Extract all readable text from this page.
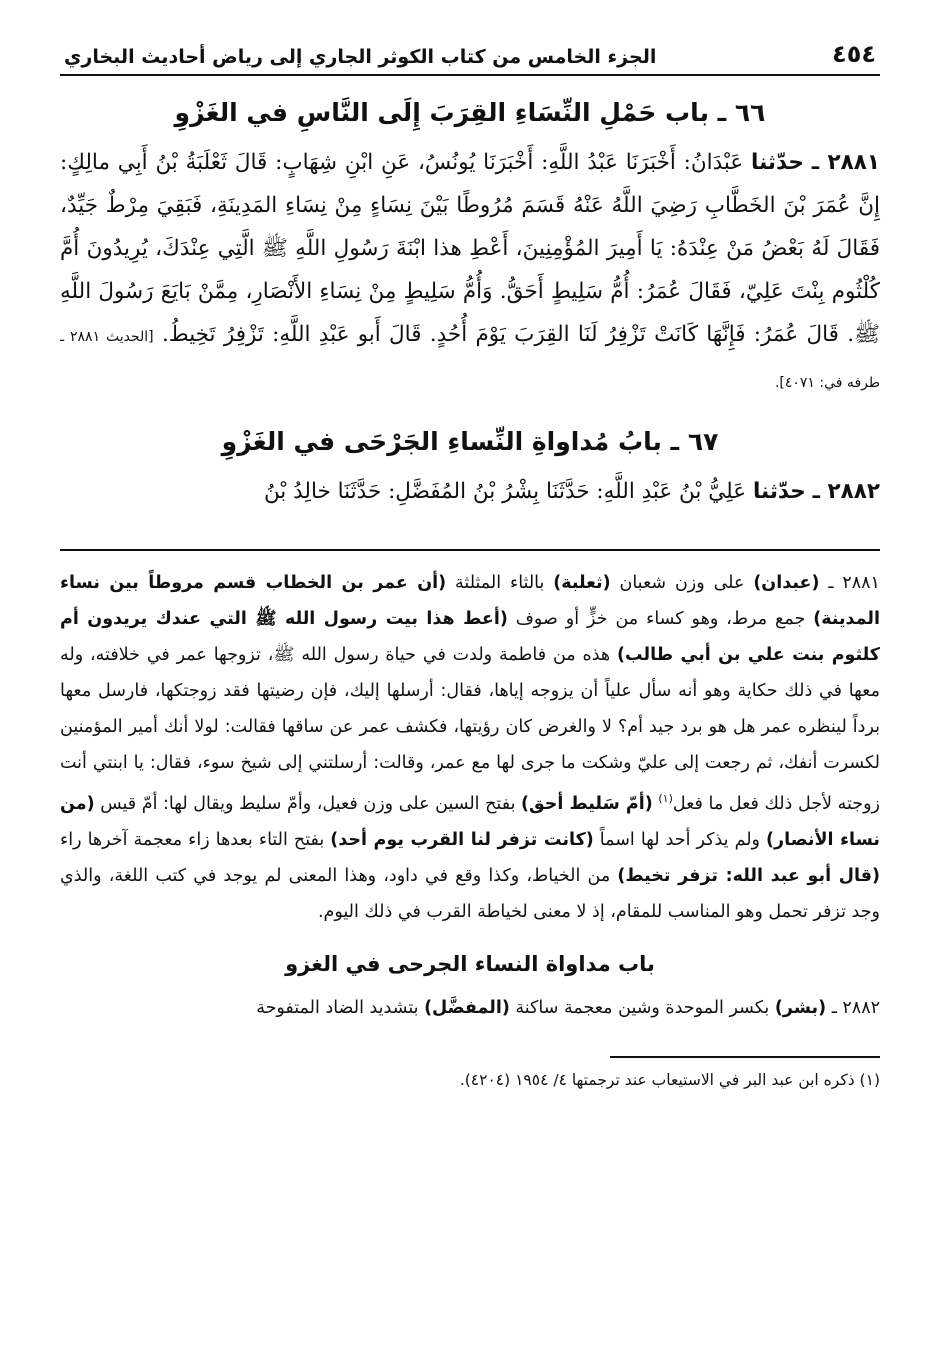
٤٥٤
الجزء الخامس من كتاب الكوثر الجاري إلى رياض أحاديث البخاري
٦٦ ـ باب حَمْلِ النِّسَاءِ القِرَبَ إِلَى النَّاسِ في الغَزْوِ

٢٨٨١ ـ حدّثنا عَبْدَانُ: أَخْبَرَنَا عَبْدُ اللَّهِ: أَخْبَرَنَا يُونُسُ، عَنِ ابْنِ شِهَابٍ: قَالَ ثَعْلَبَةُ بْنُ أَبِي مالِكٍ: إِنَّ عُمَرَ بْنَ الخَطَّابِ رَضِيَ اللَّهُ عَنْهُ قَسَمَ مُرُوطًا بَيْنَ نِسَاءٍ مِنْ نِسَاءِ المَدِينَةِ، فَبَقِيَ مِرْطٌ جَيِّدٌ، فَقَالَ لَهُ بَعْضُ مَنْ عِنْدَهُ: يَا أَمِيرَ المُؤْمِنِينَ، أَعْطِ هذا ابْنَةَ رَسُولِ اللَّهِ ﷺ الَّتِي عِنْدَكَ، يُرِيدُونَ أُمَّ كُلْثُوم بِنْتَ عَلِيّ، فَقَالَ عُمَرُ: أُمُّ سَلِيطٍ أَحَقُّ. وَأُمُّ سَلِيطٍ مِنْ نِسَاءِ الأَنْصَارِ، مِمَّنْ بَايَعَ رَسُولَ اللَّهِ ﷺ. قَالَ عُمَرُ: فَإِنَّهَا كَانَتْ تَزْفِرُ لَنَا القِرَبَ يَوْمَ أُحُدٍ. قَالَ أَبو عَبْدِ اللَّهِ: تَزْفِرُ تَخِيطُ. [الحديث ٢٨٨١ ـ طرفه في: ٤٠٧١].

٦٧ ـ بابُ مُداواةِ النِّساءِ الجَرْحَى في الغَزْوِ

٢٨٨٢ ـ حدّثنا عَلِيُّ بْنُ عَبْدِ اللَّهِ: حَدَّثَنَا بِشْرُ بْنُ المُفَضَّلِ: حَدَّثَنَا خالِدُ بْنُ

٢٨٨١ ـ (عبدان) على وزن شعبان (ثعلبة) بالثاء المثلثة (أن عمر بن الخطاب قسم مروطاً بين نساء المدينة) جمع مرط، وهو كساء من خزٍّ أو صوف (أعط هذا بيت رسول الله ﷺ التي عندك يريدون أم كلثوم بنت علي بن أبي طالب) هذه من فاطمة ولدت في حياة رسول الله ﷺ، تزوجها عمر في خلافته، وله معها في ذلك حكاية وهو أنه سأل علياً أن يزوجه إياها، فقال: أرسلها إليك، فإن رضيتها فقد زوجتكها، فارسل معها برداً لينظره عمر هل هو برد جيد أم؟ لا والغرض كان رؤيتها، فكشف عمر عن ساقها فقالت: لولا أنك أمير المؤمنين لكسرت أنفك، ثم رجعت إلى عليّ وشكت ما جرى لها مع عمر، وقالت: أرسلتني إلى شيخ سوء، فقال: يا ابنتي أنت زوجته لأجل ذلك فعل ما فعل$^{(١)}$ (أمّ سَليط أحق) بفتح السين على وزن فعيل، وأمّ سليط ويقال لها: أمّ قيس (من نساء الأنصار) ولم يذكر أحد لها اسماً (كانت تزفر لنا القرب يوم أحد) بفتح التاء بعدها زاء معجمة آخرها راء (قال أبو عبد الله: تزفر تخيط) من الخياط، وكذا وقع في داود، وهذا المعنى لم يوجد في كتب اللغة، والذي وجد تزفر تحمل وهو المناسب للمقام، إذ لا معنى لخياطة القرب في ذلك اليوم.

باب مداواة النساء الجرحى في الغزو

٢٨٨٢ ـ (بشر) بكسر الموحدة وشين معجمة ساكنة (المفضَّل) بتشديد الضاد المتفوحة

(١) ذكره ابن عبد البر في الاستيعاب عند ترجمتها ٤/ ١٩٥٤ (٤٢٠٤).
